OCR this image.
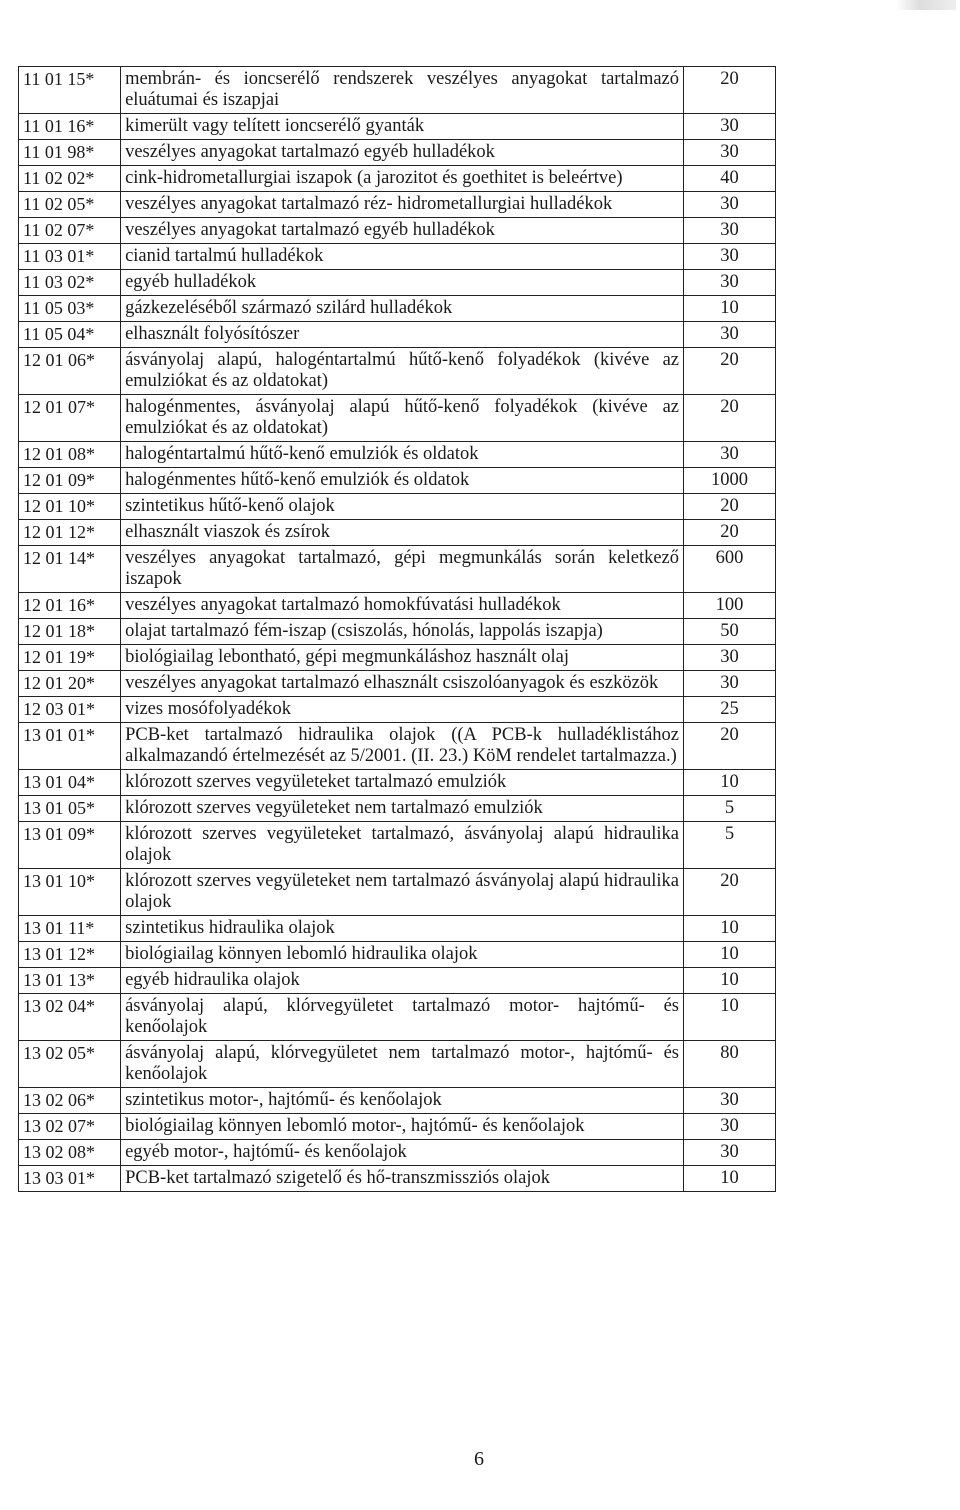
11 01 15*	membrán- és ioncserélő rendszerek veszélyes anyagokat tartalmazó eluátumai és iszapjai	20
11 01 16*	kimerült vagy telített ioncserélő gyanták	30
11 01 98*	veszélyes anyagokat tartalmazó egyéb hulladékok	30
11 02 02*	cink-hidrometallurgiai iszapok (a jarozitot és goethitet is beleértve)	40
11 02 05*	veszélyes anyagokat tartalmazó réz- hidrometallurgiai hulladékok	30
11 02 07*	veszélyes anyagokat tartalmazó egyéb hulladékok	30
11 03 01*	cianid tartalmú hulladékok	30
11 03 02*	egyéb hulladékok	30
11 05 03*	gázkezeléséből származó szilárd hulladékok	10
11 05 04*	elhasznált folyósítószer	30
12 01 06*	ásványolaj alapú, halogéntartalmú hűtő-kenő folyadékok (kivéve az emulziókat és az oldatokat)	20
12 01 07*	halogénmentes, ásványolaj alapú hűtő-kenő folyadékok (kivéve az emulziókat és az oldatokat)	20
12 01 08*	halogéntartalmú hűtő-kenő emulziók és oldatok	30
12 01 09*	halogénmentes hűtő-kenő emulziók és oldatok	1000
12 01 10*	szintetikus hűtő-kenő olajok	20
12 01 12*	elhasznált viaszok és zsírok	20
12 01 14*	veszélyes anyagokat tartalmazó, gépi megmunkálás során keletkező iszapok	600
12 01 16*	veszélyes anyagokat tartalmazó homokfúvatási hulladékok	100
12 01 18*	olajat tartalmazó fém-iszap (csiszolás, hónolás, lappolás iszapja)	50
12 01 19*	biológiailag lebontható, gépi megmunkáláshoz használt olaj	30
12 01 20*	veszélyes anyagokat tartalmazó elhasznált csiszolóanyagok és eszközök	30
12 03 01*	vizes mosófolyadékok	25
13 01 01*	PCB-ket tartalmazó hidraulika olajok ((A PCB-k hulladéklistához alkalmazandó értelmezését az 5/2001. (II. 23.) KöM rendelet tartalmazza.)	20
13 01 04*	klórozott szerves vegyületeket tartalmazó emulziók	10
13 01 05*	klórozott szerves vegyületeket nem tartalmazó emulziók	5
13 01 09*	klórozott szerves vegyületeket tartalmazó, ásványolaj alapú hidraulika olajok	5
13 01 10*	klórozott szerves vegyületeket nem tartalmazó ásványolaj alapú hidraulika olajok	20
13 01 11*	szintetikus hidraulika olajok	10
13 01 12*	biológiailag könnyen lebomló hidraulika olajok	10
13 01 13*	egyéb hidraulika olajok	10
13 02 04*	ásványolaj alapú, klórvegyületet tartalmazó motor- hajtómű- és kenőolajok	10
13 02 05*	ásványolaj alapú, klórvegyületet nem tartalmazó motor-, hajtómű- és kenőolajok	80
13 02 06*	szintetikus motor-, hajtómű- és kenőolajok	30
13 02 07*	biológiailag könnyen lebomló motor-, hajtómű- és kenőolajok	30
13 02 08*	egyéb motor-, hajtómű- és kenőolajok	30
13 03 01*	PCB-ket tartalmazó szigetelő és hő-transzmissziós olajok	10
6
